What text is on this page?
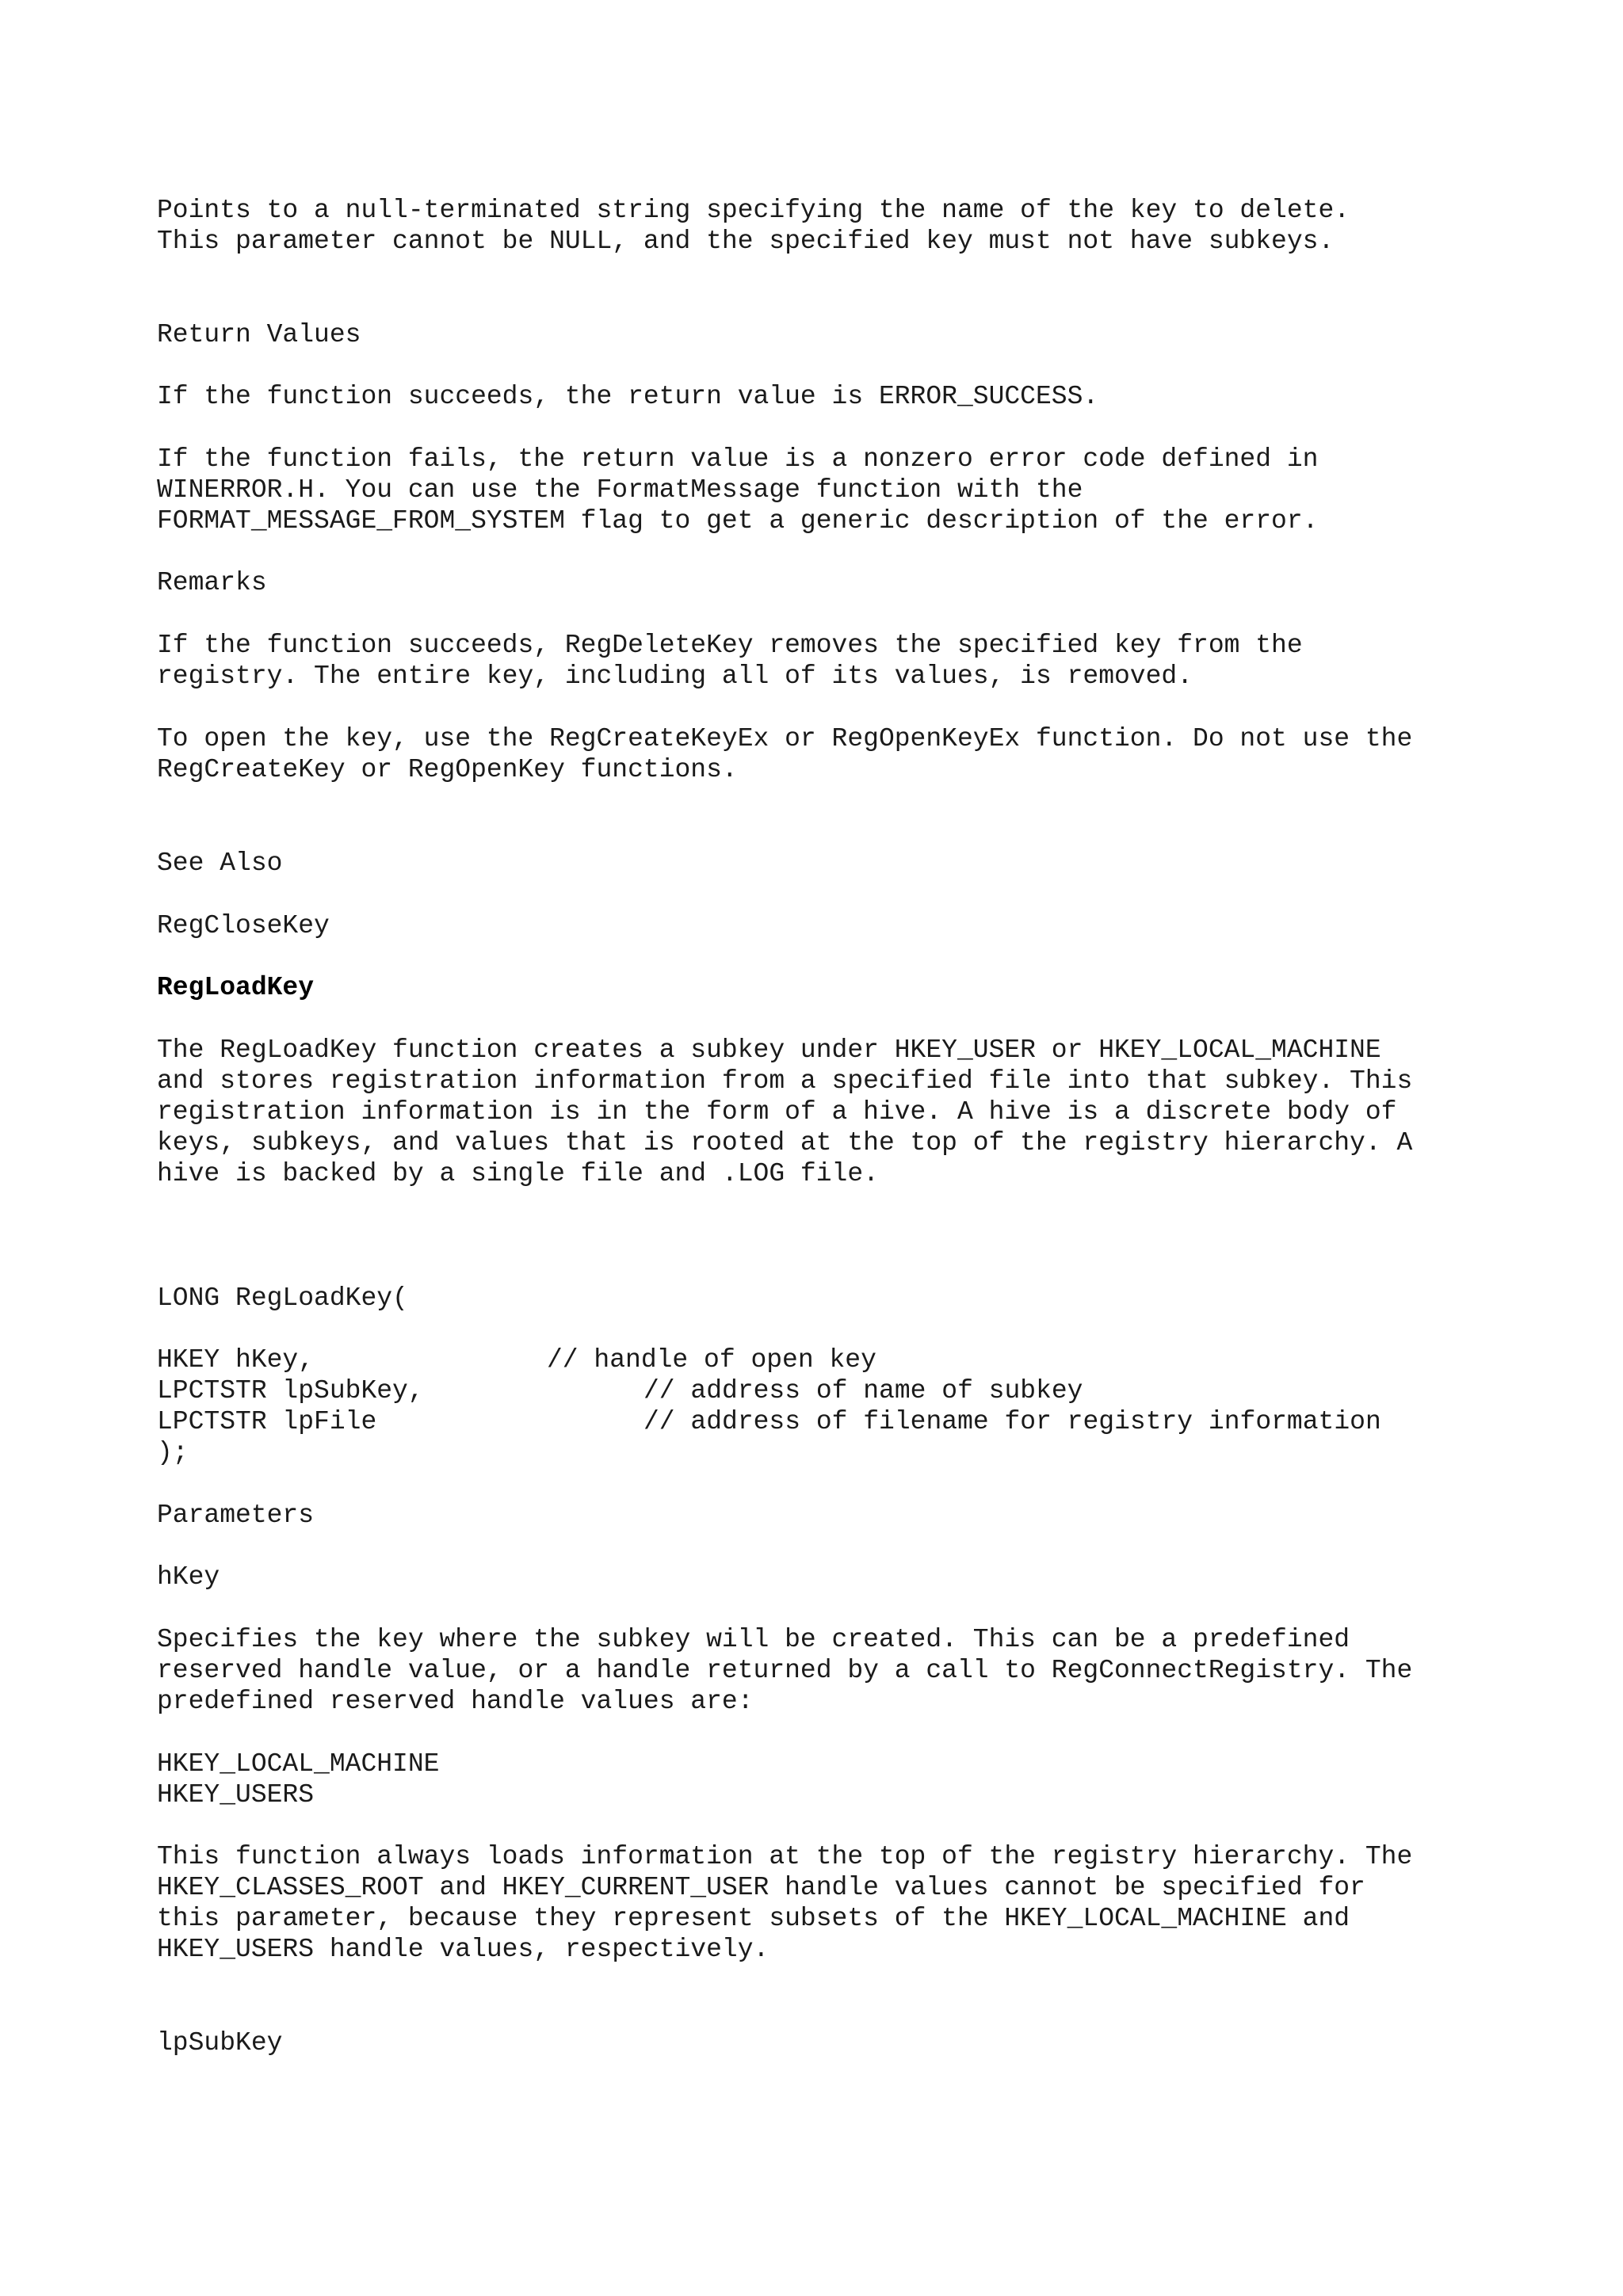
Points to a null-terminated string specifying the name of the key to delete.

This parameter cannot be NULL, and the specified key must not have subkeys.

Return Values

If the function succeeds, the return value is ERROR_SUCCESS.

If the function fails, the return value is a nonzero error code defined in

WINERROR.H. You can use the FormatMessage function with the

FORMAT_MESSAGE_FROM_SYSTEM flag to get a generic description of the error.

Remarks

If the function succeeds, RegDeleteKey removes the specified key from the

registry. The entire key, including all of its values, is removed.

To open the key, use the RegCreateKeyEx or RegOpenKeyEx function. Do not use the

RegCreateKey or RegOpenKey functions.

See Also

RegCloseKey

RegLoadKey

The RegLoadKey function creates a subkey under HKEY_USER or HKEY_LOCAL_MACHINE

and stores registration information from a specified file into that subkey. This

registration information is in the form of a hive. A hive is a discrete body of

keys, subkeys, and values that is rooted at the top of the registry hierarchy. A

hive is backed by a single file and .LOG file.

LONG RegLoadKey(

HKEY hKey,	// handle of open key

LPCTSTR lpSubKey,	// address of name of subkey

LPCTSTR lpFile	// address of filename for registry information

);

Parameters

hKey

Specifies the key where the subkey will be created. This can be a predefined

reserved handle value, or a handle returned by a call to RegConnectRegistry. The

predefined reserved handle values are:

HKEY_LOCAL_MACHINE

HKEY_USERS

This function always loads information at the top of the registry hierarchy. The

HKEY_CLASSES_ROOT and HKEY_CURRENT_USER handle values cannot be specified for

this parameter, because they represent subsets of the HKEY_LOCAL_MACHINE and

HKEY_USERS handle values, respectively.

lpSubKey
